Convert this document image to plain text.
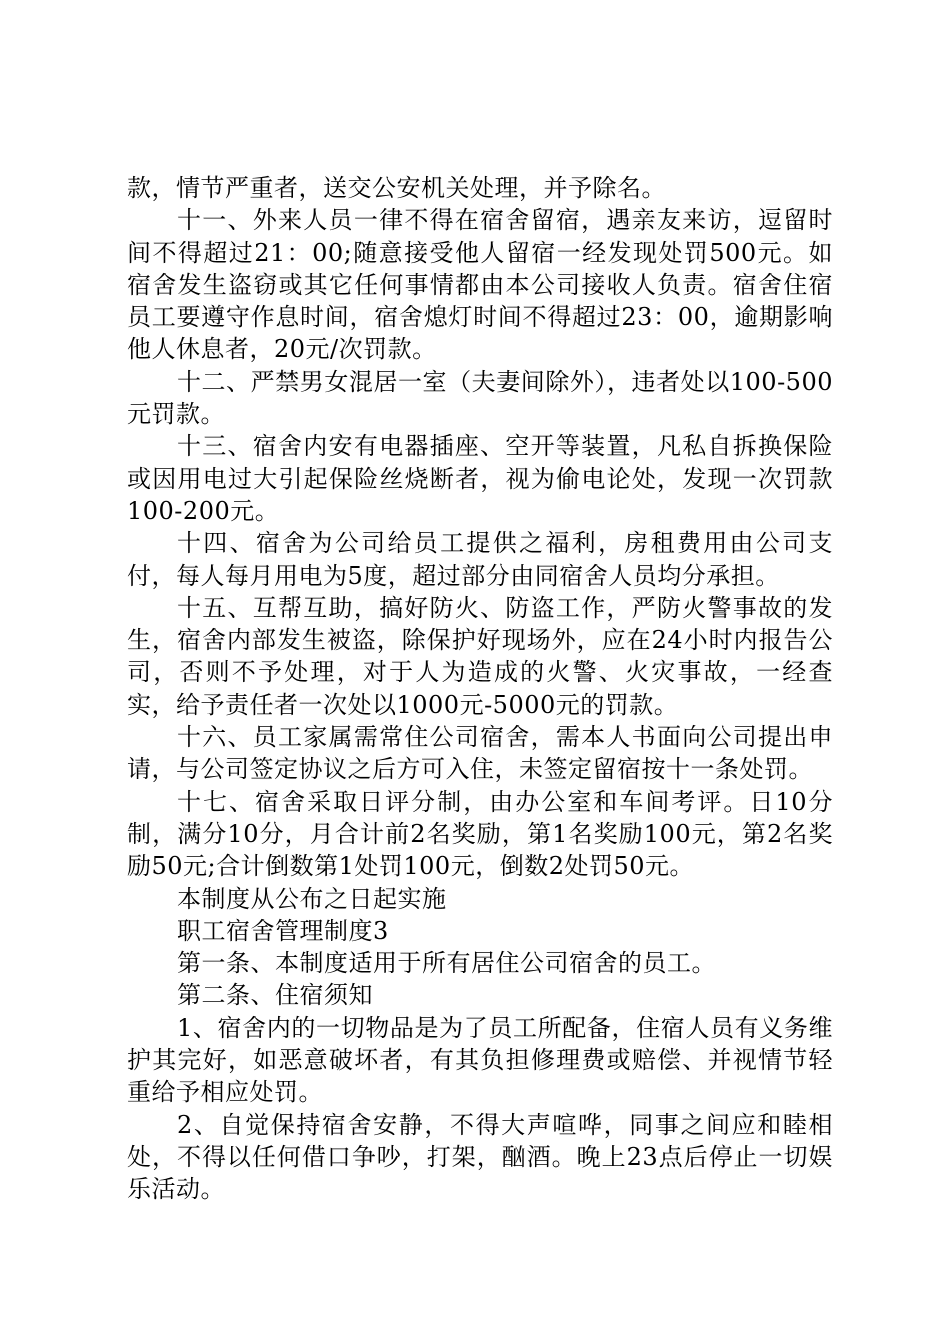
款，情节严重者，送交公安机关处理，并予除名。

十一、外来人员一律不得在宿舍留宿，遇亲友来访，逗留时间不得超过21：00;随意接受他人留宿一经发现处罚500元。如宿舍发生盗窃或其它任何事情都由本公司接收人负责。宿舍住宿员工要遵守作息时间，宿舍熄灯时间不得超过23：00，逾期影响他人休息者，20元/次罚款。

十二、严禁男女混居一室（夫妻间除外），违者处以100-500元罚款。

十三、宿舍内安有电器插座、空开等装置，凡私自拆换保险或因用电过大引起保险丝烧断者，视为偷电论处，发现一次罚款100-200元。

十四、宿舍为公司给员工提供之福利，房租费用由公司支付，每人每月用电为5度，超过部分由同宿舍人员均分承担。

十五、互帮互助，搞好防火、防盗工作，严防火警事故的发生，宿舍内部发生被盗，除保护好现场外，应在24小时内报告公司，否则不予处理，对于人为造成的火警、火灾事故，一经查实，给予责任者一次处以1000元-5000元的罚款。

十六、员工家属需常住公司宿舍，需本人书面向公司提出申请，与公司签定协议之后方可入住，未签定留宿按十一条处罚。

十七、宿舍采取日评分制，由办公室和车间考评。日10分制，满分10分，月合计前2名奖励，第1名奖励100元，第2名奖励50元;合计倒数第1处罚100元，倒数2处罚50元。

本制度从公布之日起实施

职工宿舍管理制度3

第一条、本制度适用于所有居住公司宿舍的员工。

第二条、住宿须知

1、宿舍内的一切物品是为了员工所配备，住宿人员有义务维护其完好，如恶意破坏者，有其负担修理费或赔偿、并视情节轻重给予相应处罚。

2、自觉保持宿舍安静，不得大声喧哗，同事之间应和睦相处，不得以任何借口争吵，打架，酗酒。晚上23点后停止一切娱乐活动。
